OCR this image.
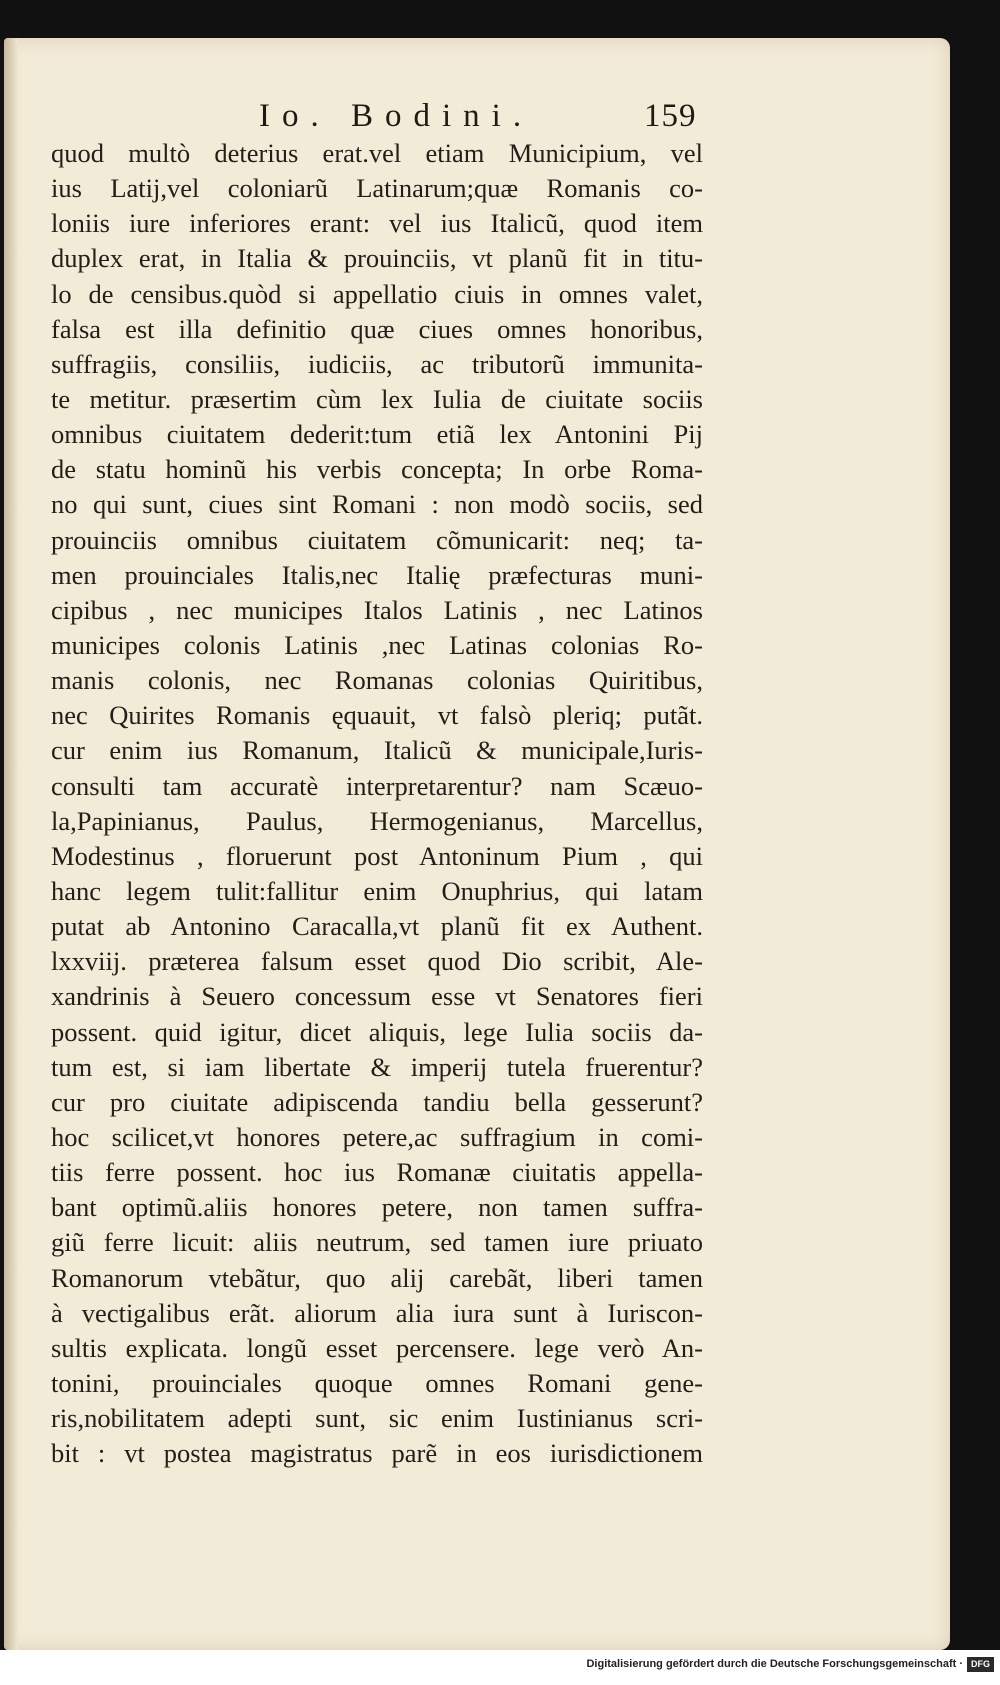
Io. Bodini.	159
quod multò deterius erat.vel etiam Municipium, vel
ius Latij,vel coloniarũ Latinarum;quæ Romanis co-
loniis iure inferiores erant: vel ius Italicũ, quod item
duplex erat, in Italia & prouinciis, vt planũ fit in titu-
lo de censibus.quòd si appellatio ciuis in omnes valet,
falsa est illa definitio quæ ciues omnes honoribus,
suffragiis, consiliis, iudiciis, ac tributorũ immunita-
te metitur. præsertim cùm lex Iulia de ciuitate sociis
omnibus ciuitatem dederit:tum etiã lex Antonini Pij
de statu hominũ his verbis concepta; In orbe Roma-
no qui sunt, ciues sint Romani : non modò sociis, sed
prouinciis omnibus ciuitatem cõmunicarit: neq; ta-
men prouinciales Italis,nec Italię præfecturas muni-
cipibus , nec municipes Italos Latinis , nec Latinos
municipes colonis Latinis ,nec Latinas colonias Ro-
manis colonis, nec Romanas colonias Quiritibus,
nec Quirites Romanis ęquauit, vt falsò pleriq; putãt.
cur enim ius Romanum, Italicũ & municipale,Iuris-
consulti tam accuratè interpretarentur? nam Scæuo-
la,Papinianus, Paulus, Hermogenianus, Marcellus,
Modestinus , floruerunt post Antoninum Pium , qui
hanc legem tulit:fallitur enim Onuphrius, qui latam
putat ab Antonino Caracalla,vt planũ fit ex Authent.
lxxviij. præterea falsum esset quod Dio scribit, Ale-
xandrinis à Seuero concessum esse vt Senatores fieri
possent. quid igitur, dicet aliquis, lege Iulia sociis da-
tum est, si iam libertate & imperij tutela fruerentur?
cur pro ciuitate adipiscenda tandiu bella gesserunt?
hoc scilicet,vt honores petere,ac suffragium in comi-
tiis ferre possent. hoc ius Romanæ ciuitatis appella-
bant optimũ.aliis honores petere, non tamen suffra-
giũ ferre licuit: aliis neutrum, sed tamen iure priuato
Romanorum vtebãtur, quo alij carebãt, liberi tamen
à vectigalibus erãt. aliorum alia iura sunt à Iuriscon-
sultis explicata. longũ esset percensere. lege verò An-
tonini, prouinciales quoque omnes Romani gene-
ris,nobilitatem adepti sunt, sic enim Iustinianus scri-
bit : vt postea magistratus parẽ in eos iurisdictionem
Digitalisierung gefördert durch die Deutsche Forschungsgemeinschaft · DFG
